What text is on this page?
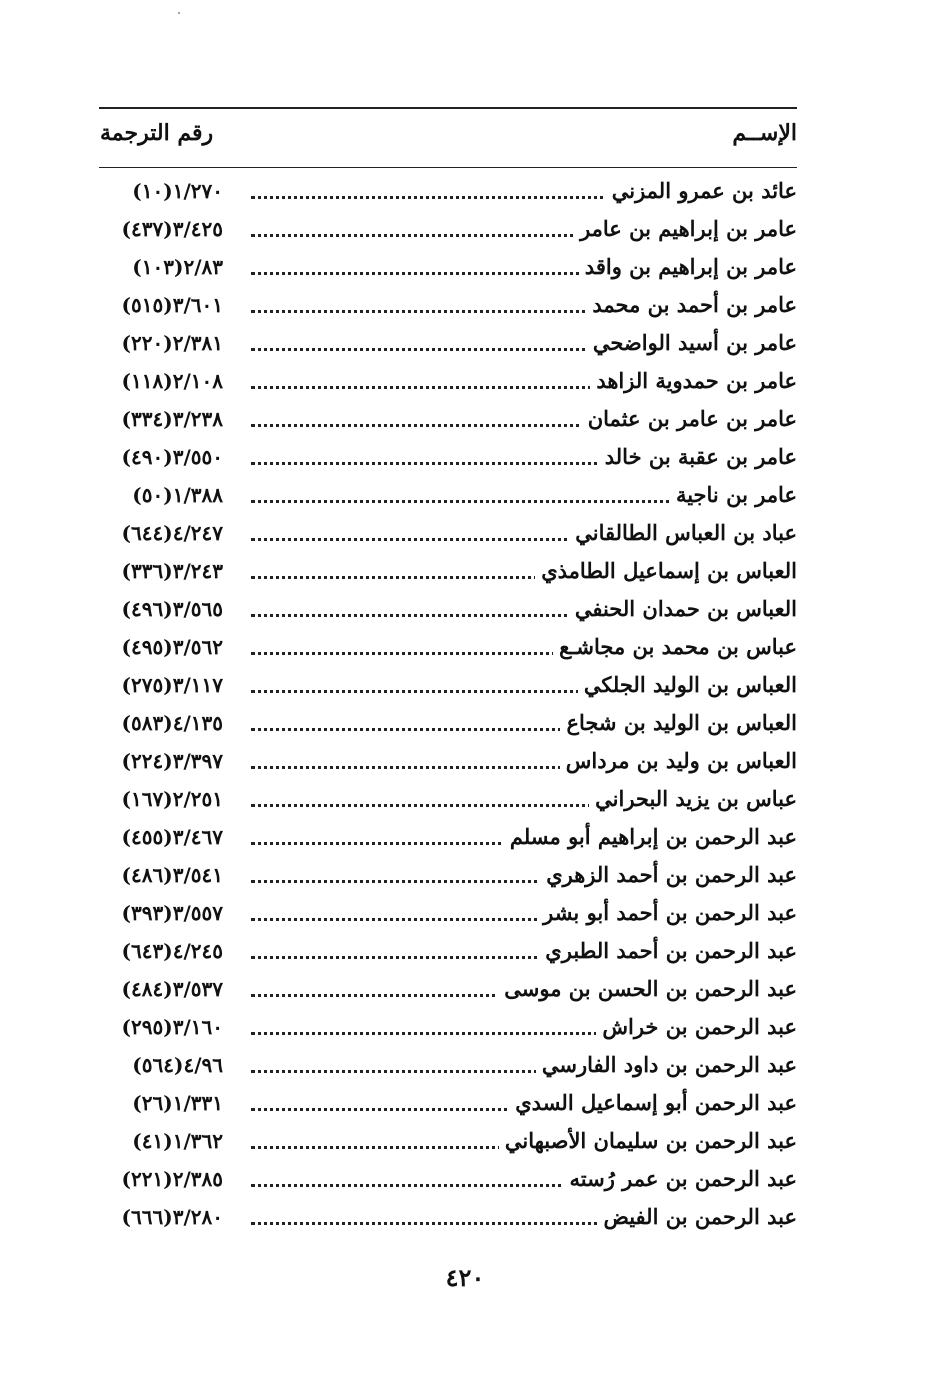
رقم الترجمة	الإســم
عائد بن عمرو المزني
١/٢٧٠(١٠)
عامر بن إبراهيم بن عامر
٣/٤٢٥(٤٣٧)
عامر بن إبراهيم بن واقد
٢/٨٣(١٠٣)
عامر بن أحمد بن محمد
٣/٦٠١(٥١٥)
عامر بن أسيد الواضحي
٢/٣٨١(٢٢٠)
عامر بن حمدوية الزاهد
٢/١٠٨(١١٨)
عامر بن عامر بن عثمان
٣/٢٣٨(٣٣٤)
عامر بن عقبة بن خالد
٣/٥٥٠(٤٩٠)
عامر بن ناجية
١/٣٨٨(٥٠)
عباد بن العباس الطالقاني
٤/٢٤٧(٦٤٤)
العباس بن إسماعيل الطامذي
٣/٢٤٣(٣٣٦)
العباس بن حمدان الحنفي
٣/٥٦٥(٤٩٦)
عباس بن محمد بن مجاشـع
٣/٥٦٢(٤٩٥)
العباس بن الوليد الجلكي
٣/١١٧(٢٧٥)
العباس بن الوليد بن شجاع
٤/١٣٥(٥٨٣)
العباس بن وليد بن مرداس
٣/٣٩٧(٢٢٤)
عباس بن يزيد البحراني
٢/٢٥١(١٦٧)
عبد الرحمن بن إبراهيم أبو مسلم
٣/٤٦٧(٤٥٥)
عبد الرحمن بن أحمد الزهري
٣/٥٤١(٤٨٦)
عبد الرحمن بن أحمد أبو بشر
٣/٥٥٧(٣٩٣)
عبد الرحمن بن أحمد الطبري
٤/٢٤٥(٦٤٣)
عبد الرحمن بن الحسن بن موسى
٣/٥٣٧(٤٨٤)
عبد الرحمن بن خراش
٣/١٦٠(٢٩٥)
عبد الرحمن بن داود الفارسي
٤/٩٦(٥٦٤)
عبد الرحمن أبو إسماعيل السدي
١/٣٣١(٢٦)
عبد الرحمن بن سليمان الأصبهاني
١/٣٦٢(٤١)
عبد الرحمن بن عمر رُسته
٢/٣٨٥(٢٢١)
عبد الرحمن بن الفيض
٣/٢٨٠(٦٦٦)
٤٢٠
